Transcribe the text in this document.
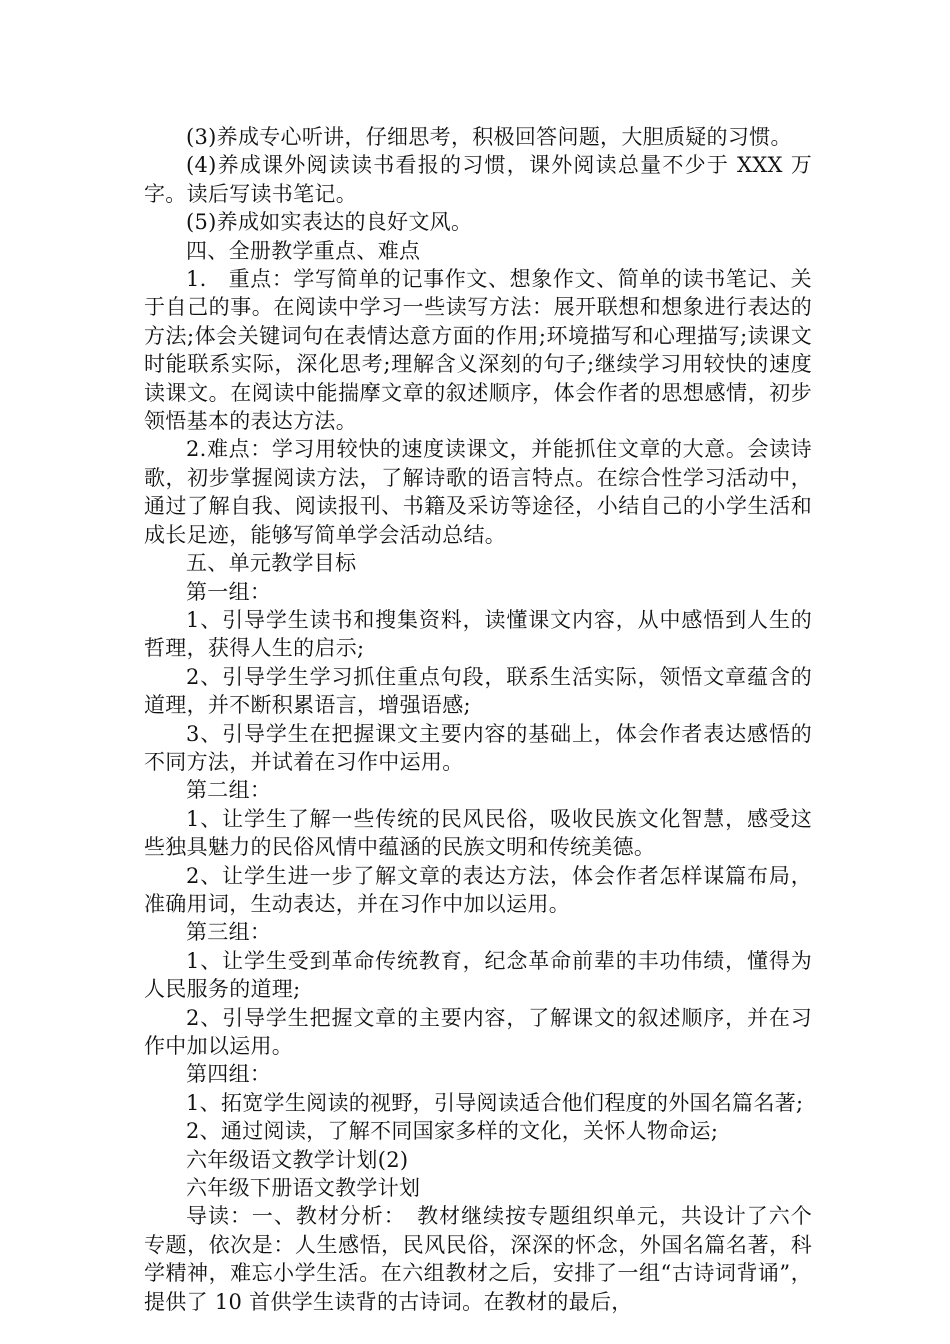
(3)养成专心听讲，仔细思考，积极回答问题，大胆质疑的习惯。

(4)养成课外阅读读书看报的习惯，课外阅读总量不少于 XXX 万字。读后写读书笔记。

(5)养成如实表达的良好文风。

四、全册教学重点、难点

1.　重点：学写简单的记事作文、想象作文、简单的读书笔记、关于自己的事。在阅读中学习一些读写方法：展开联想和想象进行表达的方法;体会关键词句在表情达意方面的作用;环境描写和心理描写;读课文时能联系实际，深化思考;理解含义深刻的句子;继续学习用较快的速度读课文。在阅读中能揣摩文章的叙述顺序，体会作者的思想感情，初步领悟基本的表达方法。

2.难点：学习用较快的速度读课文，并能抓住文章的大意。会读诗歌，初步掌握阅读方法，了解诗歌的语言特点。在综合性学习活动中，通过了解自我、阅读报刊、书籍及采访等途径，小结自己的小学生活和成长足迹，能够写简单学会活动总结。

五、单元教学目标

第一组：

1、引导学生读书和搜集资料，读懂课文内容，从中感悟到人生的哲理，获得人生的启示;

2、引导学生学习抓住重点句段，联系生活实际，领悟文章蕴含的道理，并不断积累语言，增强语感;

3、引导学生在把握课文主要内容的基础上，体会作者表达感悟的不同方法，并试着在习作中运用。

第二组：

1、让学生了解一些传统的民风民俗，吸收民族文化智慧，感受这些独具魅力的民俗风情中蕴涵的民族文明和传统美德。

2、让学生进一步了解文章的表达方法，体会作者怎样谋篇布局，准确用词，生动表达，并在习作中加以运用。

第三组：

1、让学生受到革命传统教育，纪念革命前辈的丰功伟绩，懂得为人民服务的道理;

2、引导学生把握文章的主要内容，了解课文的叙述顺序，并在习作中加以运用。

第四组：

1、拓宽学生阅读的视野，引导阅读适合他们程度的外国名篇名著;

2、通过阅读，了解不同国家多样的文化，关怀人物命运;

六年级语文教学计划(2)

六年级下册语文教学计划

导读：一、教材分析：　教材继续按专题组织单元，共设计了六个专题，依次是：人生感悟，民风民俗，深深的怀念，外国名篇名著，科学精神，难忘小学生活。在六组教材之后，安排了一组“古诗词背诵”，提供了 10 首供学生读背的古诗词。在教材的最后，
